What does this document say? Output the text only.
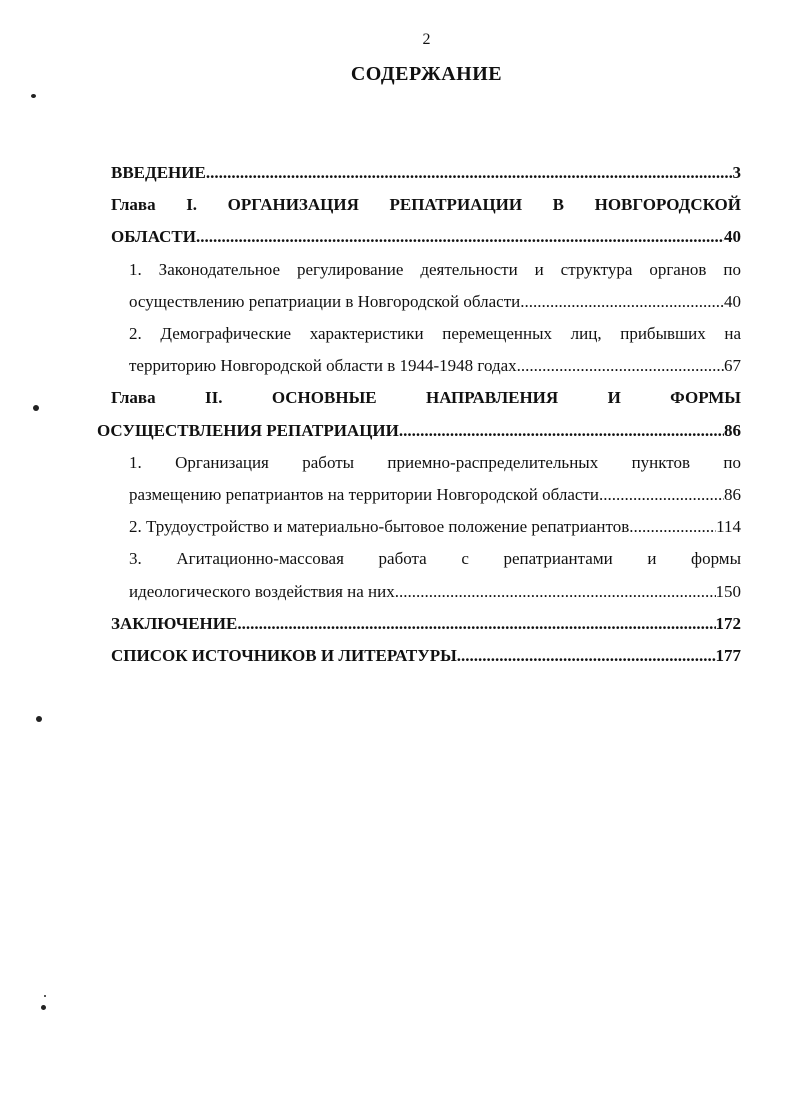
2
СОДЕРЖАНИЕ
ВВЕДЕНИЕ .....	3
Глава I. ОРГАНИЗАЦИЯ РЕПАТРИАЦИИ В НОВГОРОДСКОЙ
ОБЛАСТИ. .....	40
1. Законодательное регулирование деятельности и структура органов по
осуществлению репатриации в Новгородской области. .....	40
2. Демографические характеристики перемещенных лиц, прибывших на
территорию Новгородской области в 1944-1948 годах .....	67
Глава II. ОСНОВНЫЕ НАПРАВЛЕНИЯ И ФОРМЫ
ОСУЩЕСТВЛЕНИЯ РЕПАТРИАЦИИ .....	86
1. Организация работы приемно-распределительных пунктов по
размещению репатриантов на территории Новгородской области. .....	86
2. Трудоустройство и материально-бытовое положение репатриантов .....	114
3. Агитационно-массовая работа с репатриантами и формы
идеологического воздействия на них. .....	150
ЗАКЛЮЧЕНИЕ. .....	172
СПИСОК ИСТОЧНИКОВ И ЛИТЕРАТУРЫ .....	177
